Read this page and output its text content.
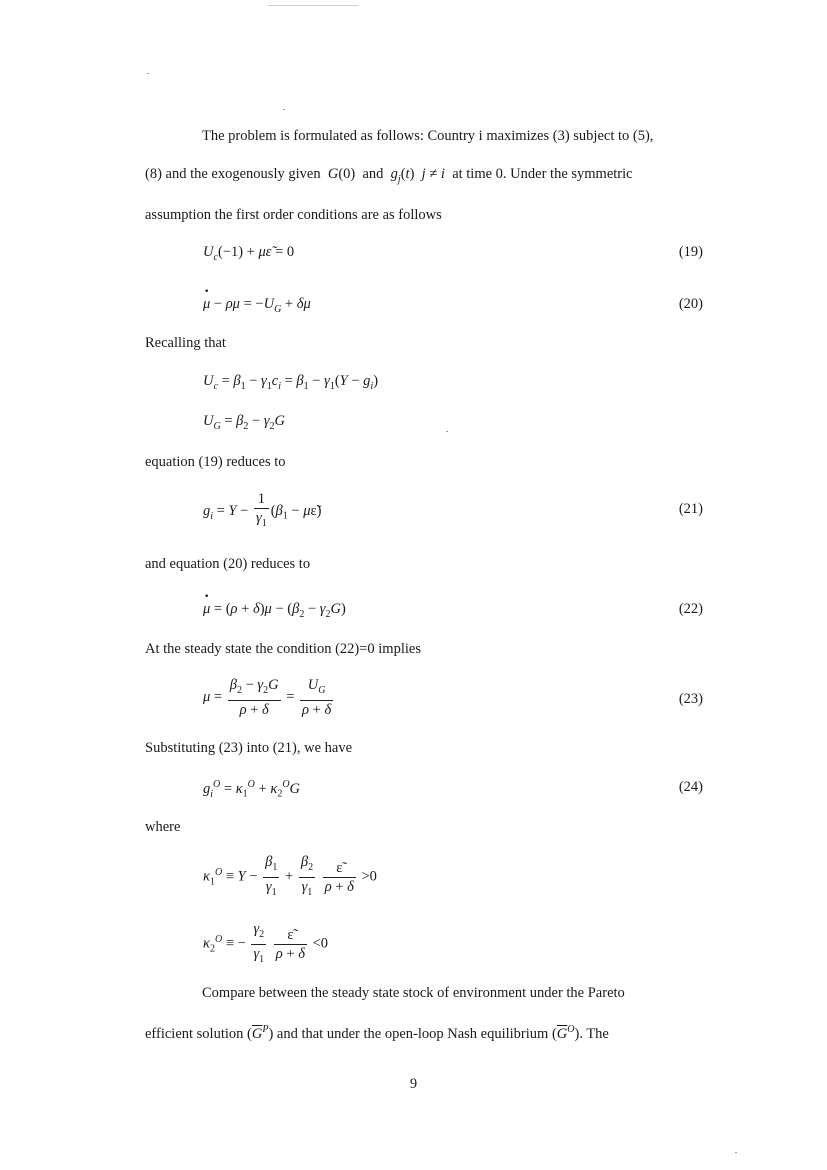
The problem is formulated as follows: Country i maximizes (3) subject to (5),
(8) and the exogenously given G(0)  and  $g_j(t) j \ne i$ at time 0. Under the symmetric
assumption the first order conditions are as follows
$U_c(-1)$ + με̃ = 0	(19)
· $\mu - \rho\mu = -U_G + \delta\mu$	(20)
Recalling that
$U_c = \beta_1 - \gamma_1c_i = \beta_1 - \gamma_1(Y - g_i)$
$U_G = \beta_2 - \gamma_2G$
equation (19) reduces to
$g_i = Y - \frac{1}{\gamma_1} (\beta_1$ − με̃)	(21)
and equation (20) reduces to
· $\mu = (\rho + \delta)\mu - (\beta_2 - \gamma_2G)$	(22)
At the steady state the condition (22)=0 implies
$\mu = \frac{\beta_2 - \gamma_2G}{\rho + \delta} = \frac{U_G}{\rho + \delta}$	(23)
Substituting (23) into (21), we have
$g_i^O = \kappa_1^O + \kappa_2^OG$	(24)
where
$\kappa_1^O \equiv Y - \frac{\beta_1}{\gamma_1} + \frac{\beta_2}{\gamma_1}$
$\frac{\varepsiloñ}{\rho + \delta} >0$
$\kappa_2^O$ ≡ − $\frac{\gamma_2}{\gamma_1}$
$\frac{\varepsiloñ}{\rho + \delta} <0$
Compare between the steady state stock of environment under the Pareto
efficient solution $(\overline{G}^P)$ and that under the open-loop Nash equilibrium $(\overline{G}^O)$. The
9
